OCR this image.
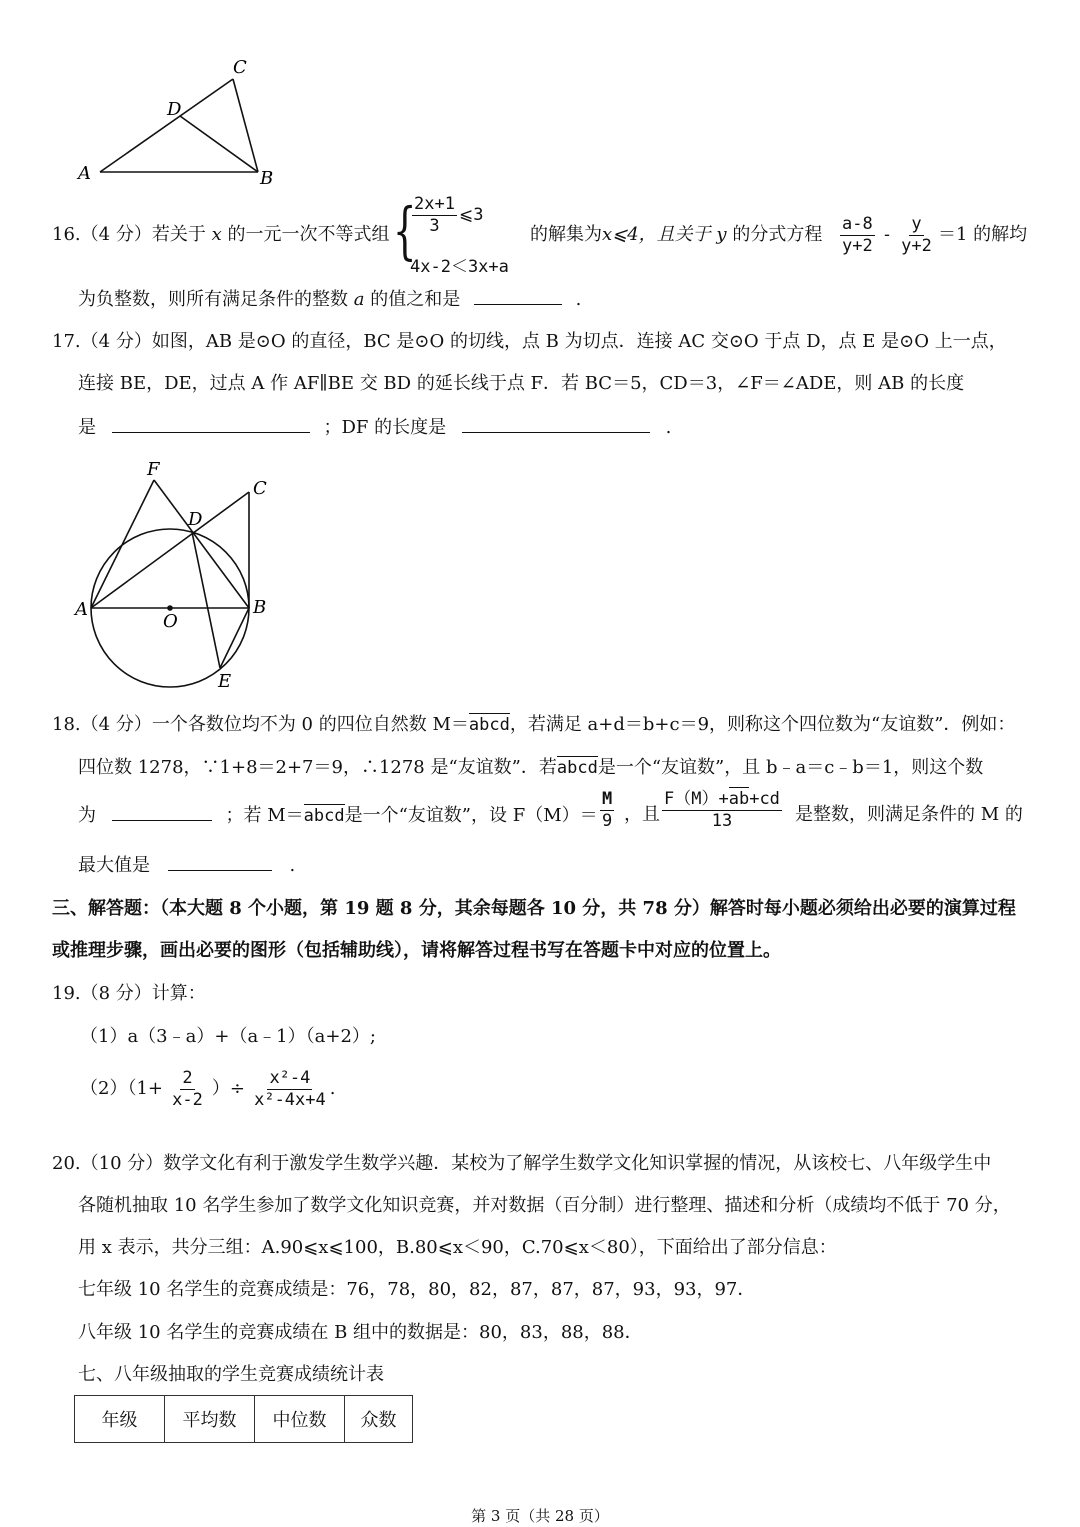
A	B
C
D
16.（4 分）若关于 x 的一元一次不等式组 {
$\frac{2x+1}{3}$ ⩽3
4x-2＜3x+a
的解集为x⩽4，且关于 y 的分式方程 $\frac{a-8}{y+2} - \frac{y}{y+2} =1$ 的解均
为负整数，则所有满足条件的整数 a 的值之和是	.
17.（4 分）如图，AB 是⊙O 的直径，BC 是⊙O 的切线，点 B 为切点．连接 AC 交⊙O 于点 D，点 E 是⊙O 上一点，
连接 BE，DE，过点 A 作 AF∥BE 交 BD 的延长线于点 F．若 BC＝5，CD＝3，∠F＝∠ADE，则 AB 的长度
是	；DF 的长度是	.
F
C
D
A
O
B
E
18.（4 分）一个各数位均不为 0 的四位自然数 M＝abcd，若满足 a+d＝b+c＝9，则称这个四位数为“友谊数”．例如：
四位数 1278，∵1+8＝2+7＝9，∴1278 是“友谊数”．若abcd是一个“友谊数”，且 b﹣a＝c﹣b＝1，则这个数
为	；若 M＝abcd是一个“友谊数”，设 $F(M)= \frac{M}{9}$ ，且 $\frac{F(M)+ab+cd}{13}$ 是整数，则满足条件的 M 的
最大值是	.
三、解答题：（本大题 8 个小题，第 19 题 8 分，其余每题各 10 分，共 78 分）解答时每小题必须给出必要的演算过程
或推理步骤，画出必要的图形（包括辅助线），请将解答过程书写在答题卡中对应的位置上。
19.（8 分）计算：
（1）a（3﹣a）+（a﹣1）（a+2）;
$(2)(1+ \frac{2}{x-2}$ ）÷ $\frac{\text{x²-4}}{\text{x²-4x+4}}$ .
20.（10 分）数学文化有利于激发学生数学兴趣．某校为了解学生数学文化知识掌握的情况，从该校七、八年级学生中
各随机抽取 10 名学生参加了数学文化知识竞赛，并对数据（百分制）进行整理、描述和分析（成绩均不低于 70 分，
用 x 表示，共分三组：A.90⩽x⩽100，B.80⩽x＜90，C.70⩽x＜80），下面给出了部分信息：
七年级 10 名学生的竞赛成绩是：76，78，80，82，87，87，87，93，93，97．
八年级 10 名学生的竞赛成绩在 B 组中的数据是：80，83，88，88．
七、八年级抽取的学生竞赛成绩统计表
年级	平均数	中位数	众数
第 3 页（共 28 页）
